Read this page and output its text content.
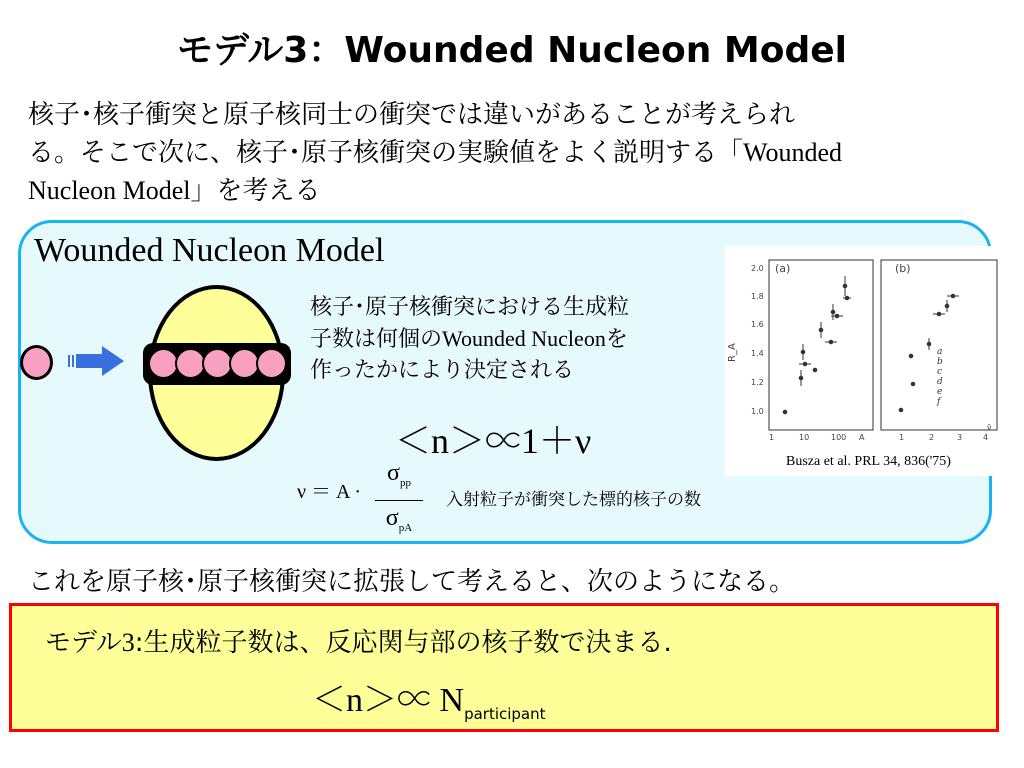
モデル3：Wounded Nucleon Model
核子･核子衝突と原子核同士の衝突では違いがあることが考えられ
る。そこで次に、核子･原子核衝突の実験値をよく説明する「Wounded
Nucleon Model」を考える
Wounded Nucleon Model
核子･原子核衝突における生成粒
子数は何個のWounded Nucleonを
作ったかにより決定される
＜n＞∝1＋ν
ν ＝ A ·
$\sigma_{pp}$
$\sigma_{pA}$
入射粒子が衝突した標的核子の数
(a)
R_A
2.0
1.8
1.6
1.4
1.2
1.0
1	10	100 A
(b)
1	2	3	4
ν̄
a
b
c
d
e
f
Busza et al. PRL 34, 836('75)
これを原子核･原子核衝突に拡張して考えると、次のようになる。
モデル3:生成粒子数は、反応関与部の核子数で決まる.
$<n>\propto N_{participant}$
